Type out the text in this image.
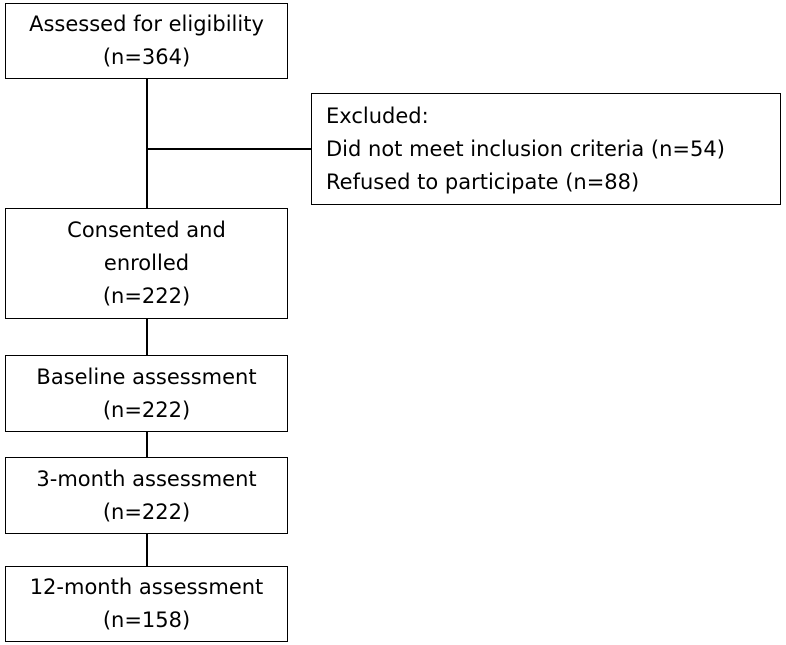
Assessed for eligibility
(n=364)
Excluded:
Did not meet inclusion criteria (n=54)
Refused to participate (n=88)
Consented and
enrolled
(n=222)
Baseline assessment
(n=222)
3-month assessment
(n=222)
12-month assessment
(n=158)
